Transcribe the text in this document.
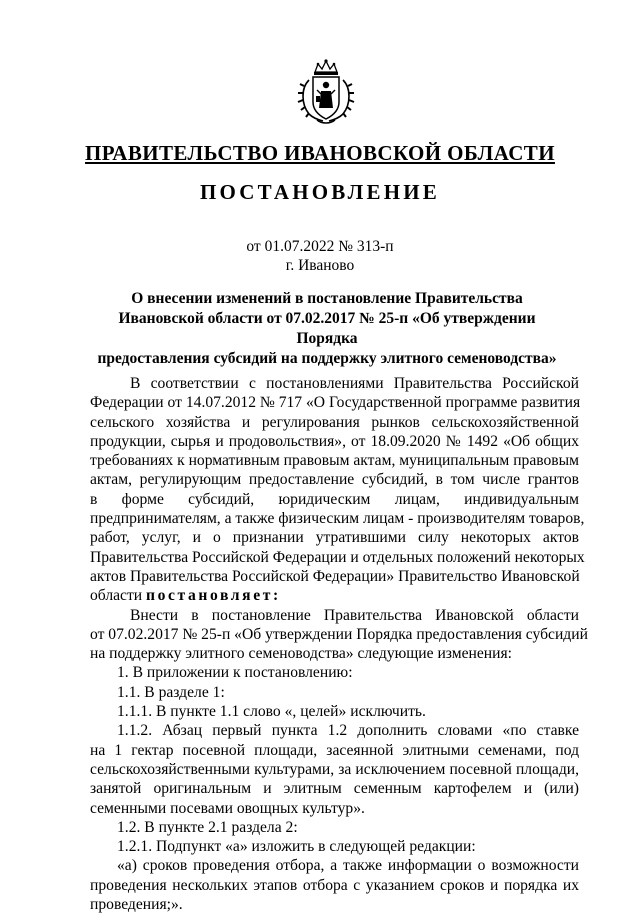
ПРАВИТЕЛЬСТВО ИВАНОВСКОЙ ОБЛАСТИ
ПОСТАНОВЛЕНИЕ
от 01.07.2022 № 313-п
г. Иваново
О внесении изменений в постановление Правительства
Ивановской области от 07.02.2017 № 25-п «Об утверждении Порядка
предоставления субсидий на поддержку элитного семеноводства»
В соответствии с постановлениями Правительства Российской
Федерации от 14.07.2012 № 717 «О Государственной программе развития
сельского хозяйства и регулирования рынков сельскохозяйственной
продукции, сырья и продовольствия», от 18.09.2020 № 1492 «Об общих
требованиях к нормативным правовым актам, муниципальным правовым
актам, регулирующим предоставление субсидий, в том числе грантов
в форме субсидий, юридическим лицам, индивидуальным
предпринимателям, а также физическим лицам - производителям товаров,
работ, услуг, и о признании утратившими силу некоторых актов
Правительства Российской Федерации и отдельных положений некоторых
актов Правительства Российской Федерации» Правительство Ивановской
области постановляет:
Внести в постановление Правительства Ивановской области
от 07.02.2017 № 25-п «Об утверждении Порядка предоставления субсидий
на поддержку элитного семеноводства» следующие изменения:
1. В приложении к постановлению:
1.1. В разделе 1:
1.1.1. В пункте 1.1 слово «, целей» исключить.
1.1.2. Абзац первый пункта 1.2 дополнить словами «по ставке
на 1 гектар посевной площади, засеянной элитными семенами, под
сельскохозяйственными культурами, за исключением посевной площади,
занятой оригинальным и элитным семенным картофелем и (или)
семенными посевами овощных культур».
1.2. В пункте 2.1 раздела 2:
1.2.1. Подпункт «а» изложить в следующей редакции:
«а) сроков проведения отбора, а также информации о возможности
проведения нескольких этапов отбора с указанием сроков и порядка их
проведения;».
